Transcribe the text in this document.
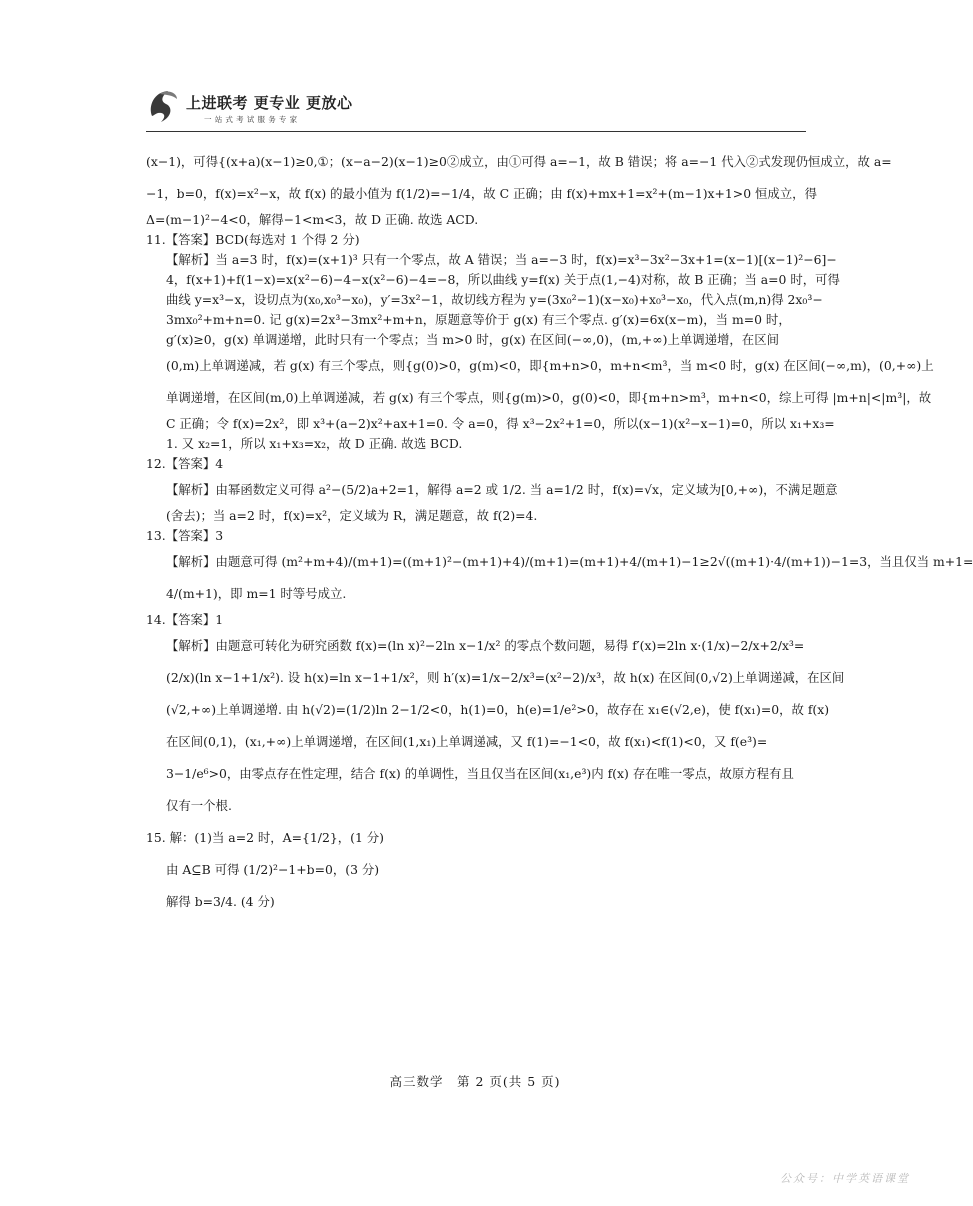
上进联考 更专业 更放心
一站式考试服务专家
(x−1)，可得{(x+a)(x−1)≥0,①；(x−a−2)(x−1)≥0②成立，由①可得 a=−1，故 B 错误；将 a=−1 代入②式发现仍恒成立，故 a=
−1，b=0，f(x)=x²−x，故 f(x) 的最小值为 f(1/2)=−1/4，故 C 正确；由 f(x)+mx+1=x²+(m−1)x+1>0 恒成立，得
Δ=(m−1)²−4<0，解得−1<m<3，故 D 正确. 故选 ACD.
11.【答案】BCD(每选对 1 个得 2 分)
【解析】当 a=3 时，f(x)=(x+1)³ 只有一个零点，故 A 错误；当 a=−3 时，f(x)=x³−3x²−3x+1=(x−1)[(x−1)²−6]−
4，f(x+1)+f(1−x)=x(x²−6)−4−x(x²−6)−4=−8，所以曲线 y=f(x) 关于点(1,−4)对称，故 B 正确；当 a=0 时，可得
曲线 y=x³−x，设切点为(x₀,x₀³−x₀)，y′=3x²−1，故切线方程为 y=(3x₀²−1)(x−x₀)+x₀³−x₀，代入点(m,n)得 2x₀³−
3mx₀²+m+n=0. 记 g(x)=2x³−3mx²+m+n，原题意等价于 g(x) 有三个零点. g′(x)=6x(x−m)，当 m=0 时，
g′(x)≥0，g(x) 单调递增，此时只有一个零点；当 m>0 时，g(x) 在区间(−∞,0)，(m,+∞)上单调递增，在区间
(0,m)上单调递减，若 g(x) 有三个零点，则{g(0)>0，g(m)<0，即{m+n>0，m+n<m³，当 m<0 时，g(x) 在区间(−∞,m)，(0,+∞)上
单调递增，在区间(m,0)上单调递减，若 g(x) 有三个零点，则{g(m)>0，g(0)<0，即{m+n>m³，m+n<0，综上可得 |m+n|<|m³|，故
C 正确；令 f(x)=2x²，即 x³+(a−2)x²+ax+1=0. 令 a=0，得 x³−2x²+1=0，所以(x−1)(x²−x−1)=0，所以 x₁+x₃=
1. 又 x₂=1，所以 x₁+x₃=x₂，故 D 正确. 故选 BCD.
12.【答案】4
【解析】由幂函数定义可得 a²−(5/2)a+2=1，解得 a=2 或 1/2. 当 a=1/2 时，f(x)=√x，定义域为[0,+∞)，不满足题意
(舍去)；当 a=2 时，f(x)=x²，定义域为 R，满足题意，故 f(2)=4.
13.【答案】3
【解析】由题意可得 (m²+m+4)/(m+1)=((m+1)²−(m+1)+4)/(m+1)=(m+1)+4/(m+1)−1≥2√((m+1)·4/(m+1))−1=3，当且仅当 m+1=
4/(m+1)，即 m=1 时等号成立.
14.【答案】1
【解析】由题意可转化为研究函数 f(x)=(ln x)²−2ln x−1/x² 的零点个数问题，易得 f′(x)=2ln x·(1/x)−2/x+2/x³=
(2/x)(ln x−1+1/x²). 设 h(x)=ln x−1+1/x²，则 h′(x)=1/x−2/x³=(x²−2)/x³，故 h(x) 在区间(0,√2)上单调递减，在区间
(√2,+∞)上单调递增. 由 h(√2)=(1/2)ln 2−1/2<0，h(1)=0，h(e)=1/e²>0，故存在 x₁∈(√2,e)，使 f(x₁)=0，故 f(x)
在区间(0,1)，(x₁,+∞)上单调递增，在区间(1,x₁)上单调递减，又 f(1)=−1<0，故 f(x₁)<f(1)<0，又 f(e³)=
3−1/e⁶>0，由零点存在性定理，结合 f(x) 的单调性，当且仅当在区间(x₁,e³)内 f(x) 存在唯一零点，故原方程有且
仅有一个根.
15. 解：(1)当 a=2 时，A={1/2}，(1 分)
由 A⊆B 可得 (1/2)²−1+b=0，(3 分)
解得 b=3/4. (4 分)
高三数学　第 2 页(共 5 页)
公众号：中学英语课堂
